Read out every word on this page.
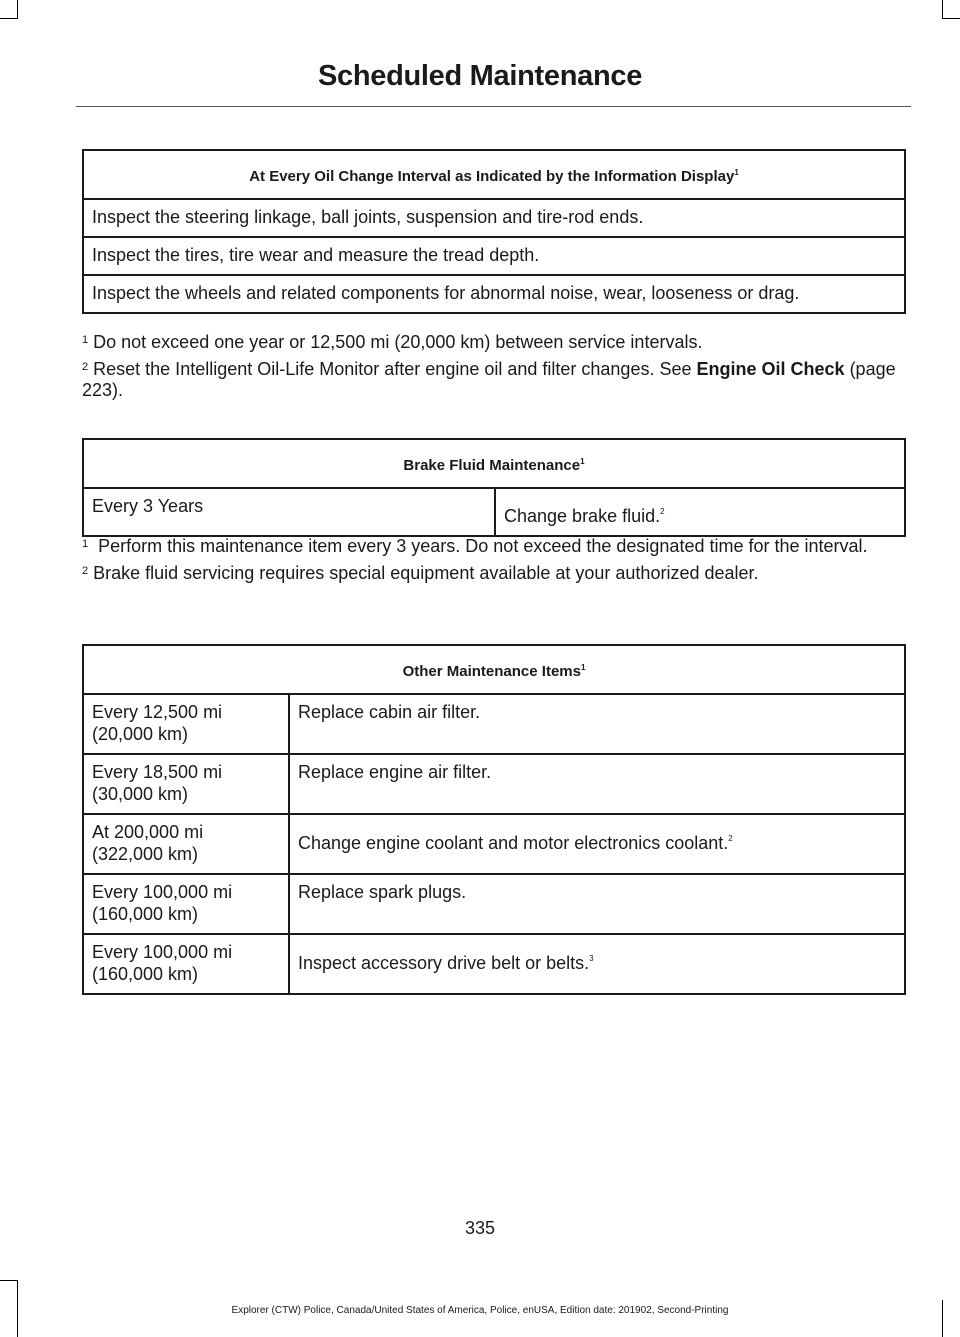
Scheduled Maintenance
At Every Oil Change Interval as Indicated by the Information Display$^1$
Inspect the steering linkage, ball joints, suspension and tire-rod ends.
Inspect the tires, tire wear and measure the tread depth.
Inspect the wheels and related components for abnormal noise, wear, looseness or drag.

$^1$ Do not exceed one year or 12,500 mi (20,000 km) between service intervals.

$^2$ Reset the Intelligent Oil-Life Monitor after engine oil and filter changes. See Engine Oil Check (page 223).

Brake Fluid Maintenance$^1$
Every 3 Years	Change brake fluid.$^2$

$^1$ Perform this maintenance item every 3 years. Do not exceed the designated time for the interval.

$^2$ Brake fluid servicing requires special equipment available at your authorized dealer.

Other Maintenance Items$^1$
Every 12,500 mi
(20,000 km)	Replace cabin air filter.
Every 18,500 mi
(30,000 km)	Replace engine air filter.
At 200,000 mi
(322,000 km)	Change engine coolant and motor electronics coolant.$^2$
Every 100,000 mi
(160,000 km)	Replace spark plugs.
Every 100,000 mi
(160,000 km)	Inspect accessory drive belt or belts.$^3$
335
Explorer (CTW) Police, Canada/United States of America, Police, enUSA, Edition date: 201902, Second-Printing
